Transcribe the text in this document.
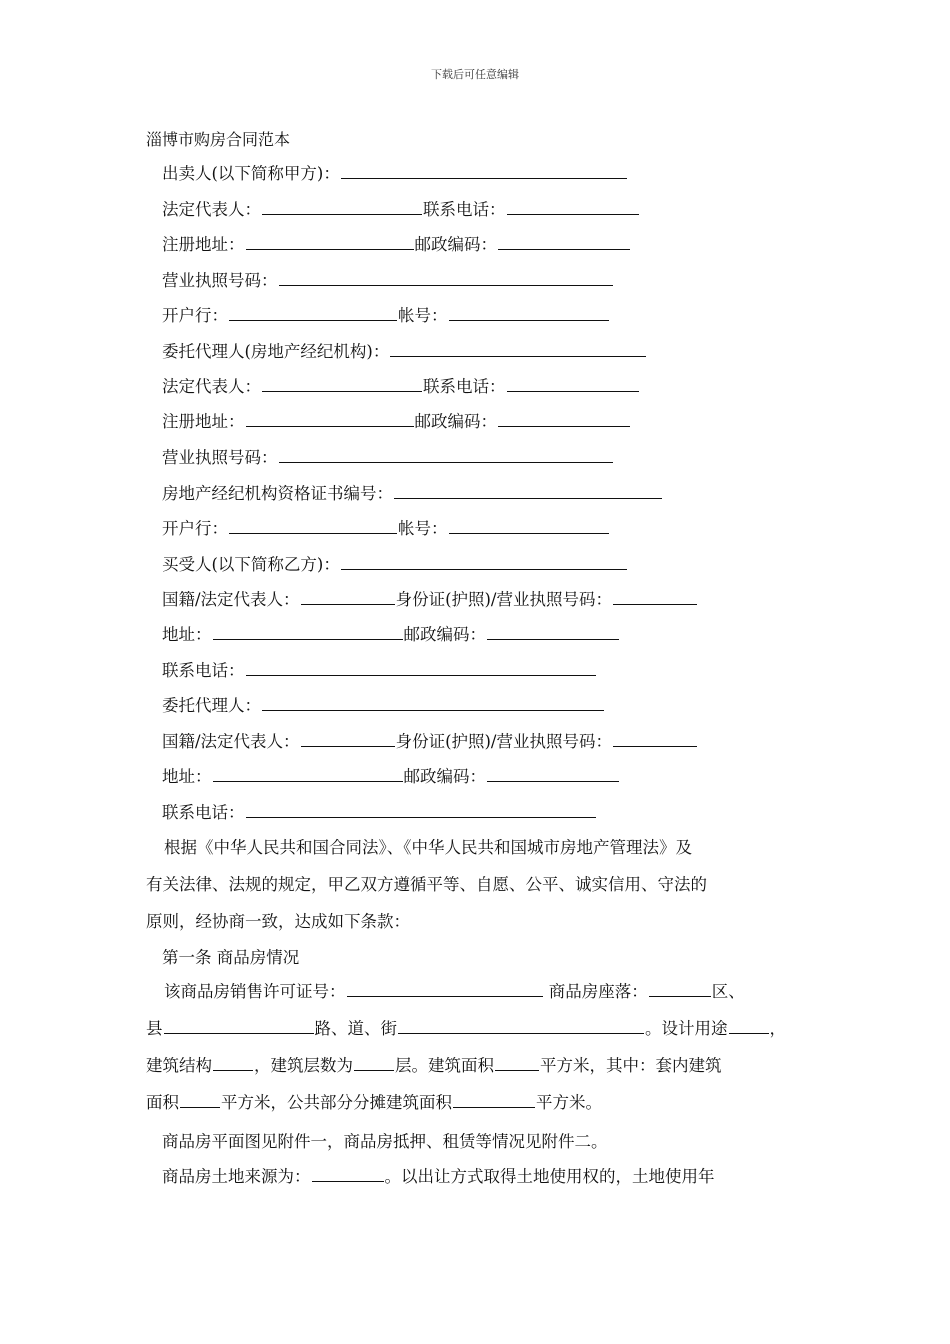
下载后可任意编辑
淄博市购房合同范本
出卖人(以下简称甲方)：
法定代表人：	联系电话：
注册地址：	邮政编码：
营业执照号码：
开户行：	帐号：
委托代理人(房地产经纪机构)：
法定代表人：	联系电话：
注册地址：	邮政编码：
营业执照号码：
房地产经纪机构资格证书编号：
开户行：	帐号：
买受人(以下简称乙方)：
国籍/法定代表人：	身份证(护照)/营业执照号码：
地址：	邮政编码：
联系电话：
委托代理人：
国籍/法定代表人：	身份证(护照)/营业执照号码：
地址：	邮政编码：
联系电话：
根据《中华人民共和国合同法》、《中华人民共和国城市房地产管理法》及
有关法律、法规的规定，甲乙双方遵循平等、自愿、公平、诚实信用、守法的
原则，经协商一致，达成如下条款：
第一条 商品房情况
该商品房销售许可证号：	商品房座落：	区、
县	路、道、街	。设计用途	，
建筑结构	，建筑层数为	层。建筑面积	平方米，其中：套内建筑
面积	平方米，公共部分分摊建筑面积	平方米。
商品房平面图见附件一，商品房抵押、租赁等情况见附件二。
商品房土地来源为：	。以出让方式取得土地使用权的，土地使用年
